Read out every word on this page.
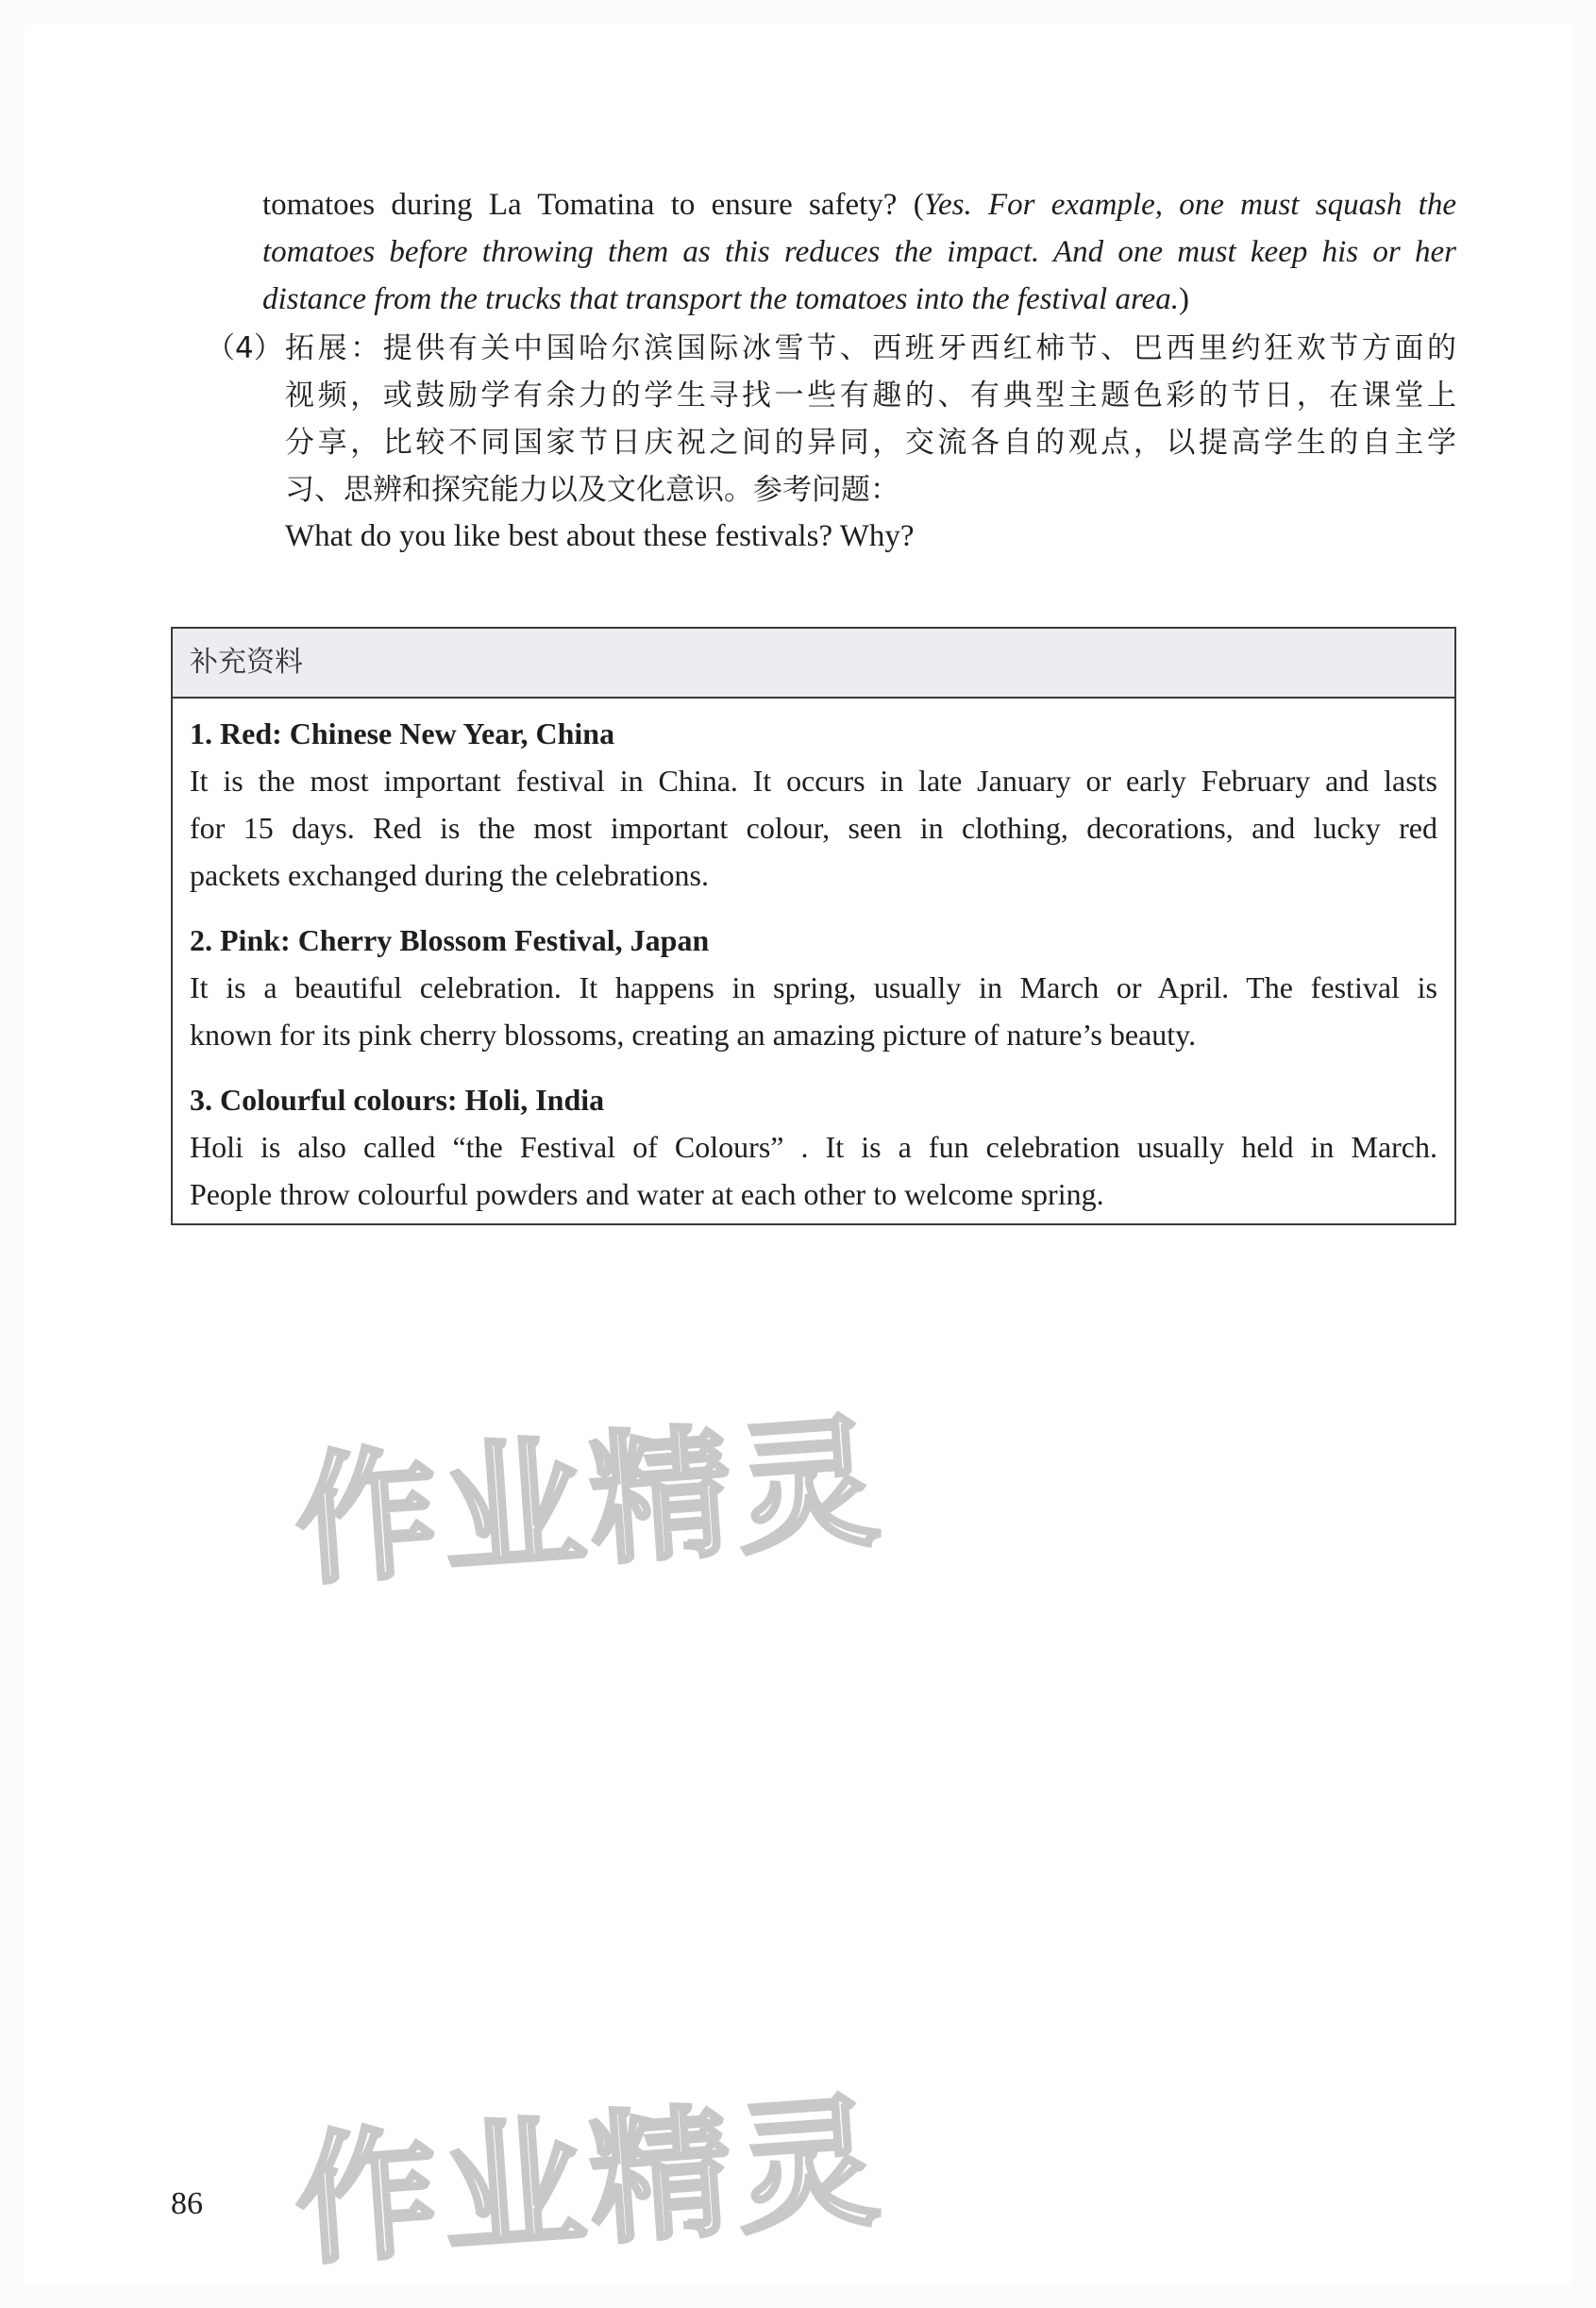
tomatoes during La Tomatina to ensure safety? (Yes. For example, one must squash the
tomatoes before throwing them as this reduces the impact. And one must keep his or her
distance from the trucks that transport the tomatoes into the festival area.)
（4） 拓展：提供有关中国哈尔滨国际冰雪节、西班牙西红柿节、巴西里约狂欢节方面的
视频，或鼓励学有余力的学生寻找一些有趣的、有典型主题色彩的节日，在课堂上
分享，比较不同国家节日庆祝之间的异同，交流各自的观点，以提高学生的自主学
习、思辨和探究能力以及文化意识。参考问题：
What do you like best about these festivals? Why?
补充资料
1. Red: Chinese New Year, China
It is the most important festival in China. It occurs in late January or early February and lasts
for 15 days. Red is the most important colour, seen in clothing, decorations, and lucky red
packets exchanged during the celebrations.
2. Pink: Cherry Blossom Festival, Japan
It is a beautiful celebration. It happens in spring, usually in March or April. The festival is
known for its pink cherry blossoms, creating an amazing picture of nature’s beauty.
3. Colourful colours: Holi, India
Holi is also called “the Festival of Colours” . It is a fun celebration usually held in March.
People throw colourful powders and water at each other to welcome spring.
作业精灵
作业精灵
86
